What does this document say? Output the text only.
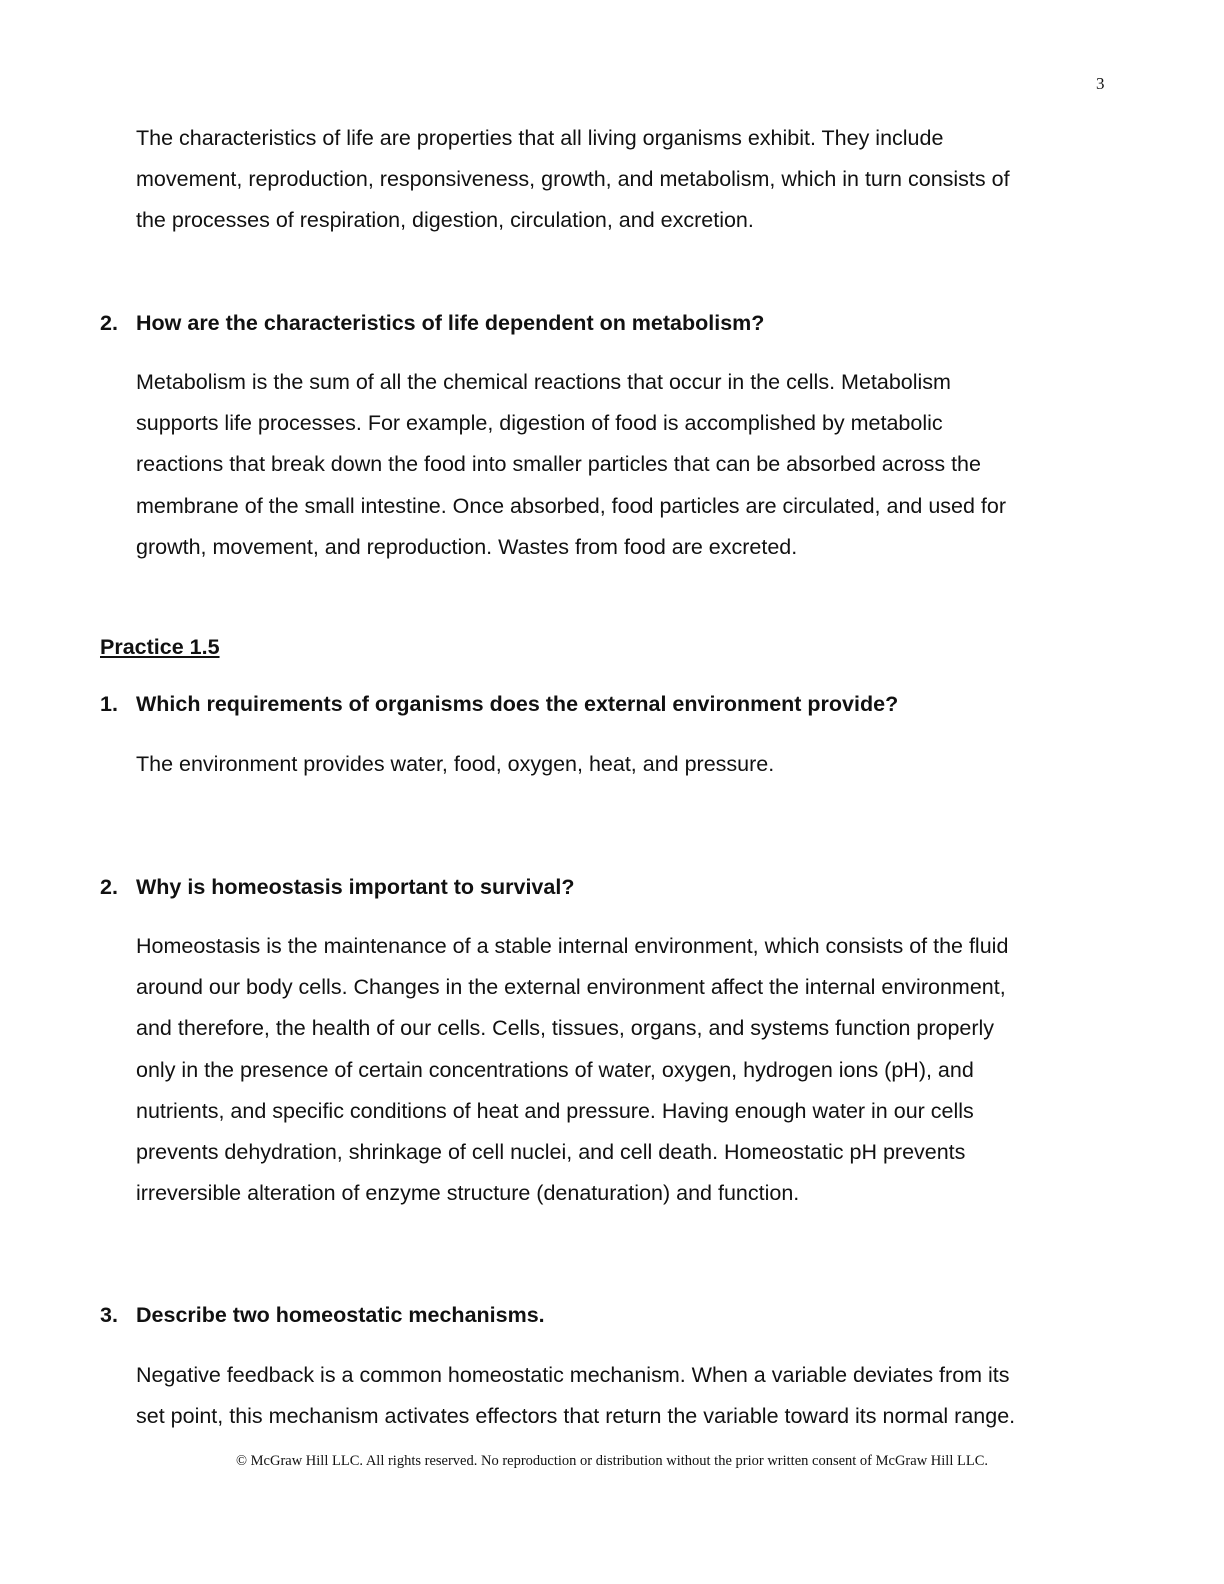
3

The characteristics of life are properties that all living organisms exhibit. They include
movement, reproduction, responsiveness, growth, and metabolism, which in turn consists of
the processes of respiration, digestion, circulation, and excretion.

2. How are the characteristics of life dependent on metabolism?

Metabolism is the sum of all the chemical reactions that occur in the cells. Metabolism
supports life processes. For example, digestion of food is accomplished by metabolic
reactions that break down the food into smaller particles that can be absorbed across the
membrane of the small intestine. Once absorbed, food particles are circulated, and used for
growth, movement, and reproduction. Wastes from food are excreted.

Practice 1.5
1. Which requirements of organisms does the external environment provide?

The environment provides water, food, oxygen, heat, and pressure.

2. Why is homeostasis important to survival?

Homeostasis is the maintenance of a stable internal environment, which consists of the fluid
around our body cells. Changes in the external environment affect the internal environment,
and therefore, the health of our cells. Cells, tissues, organs, and systems function properly
only in the presence of certain concentrations of water, oxygen, hydrogen ions (pH), and
nutrients, and specific conditions of heat and pressure. Having enough water in our cells
prevents dehydration, shrinkage of cell nuclei, and cell death. Homeostatic pH prevents
irreversible alteration of enzyme structure (denaturation) and function.

3. Describe two homeostatic mechanisms.

Negative feedback is a common homeostatic mechanism. When a variable deviates from its
set point, this mechanism activates effectors that return the variable toward its normal range.

© McGraw Hill LLC. All rights reserved. No reproduction or distribution without the prior written consent of McGraw Hill LLC.
